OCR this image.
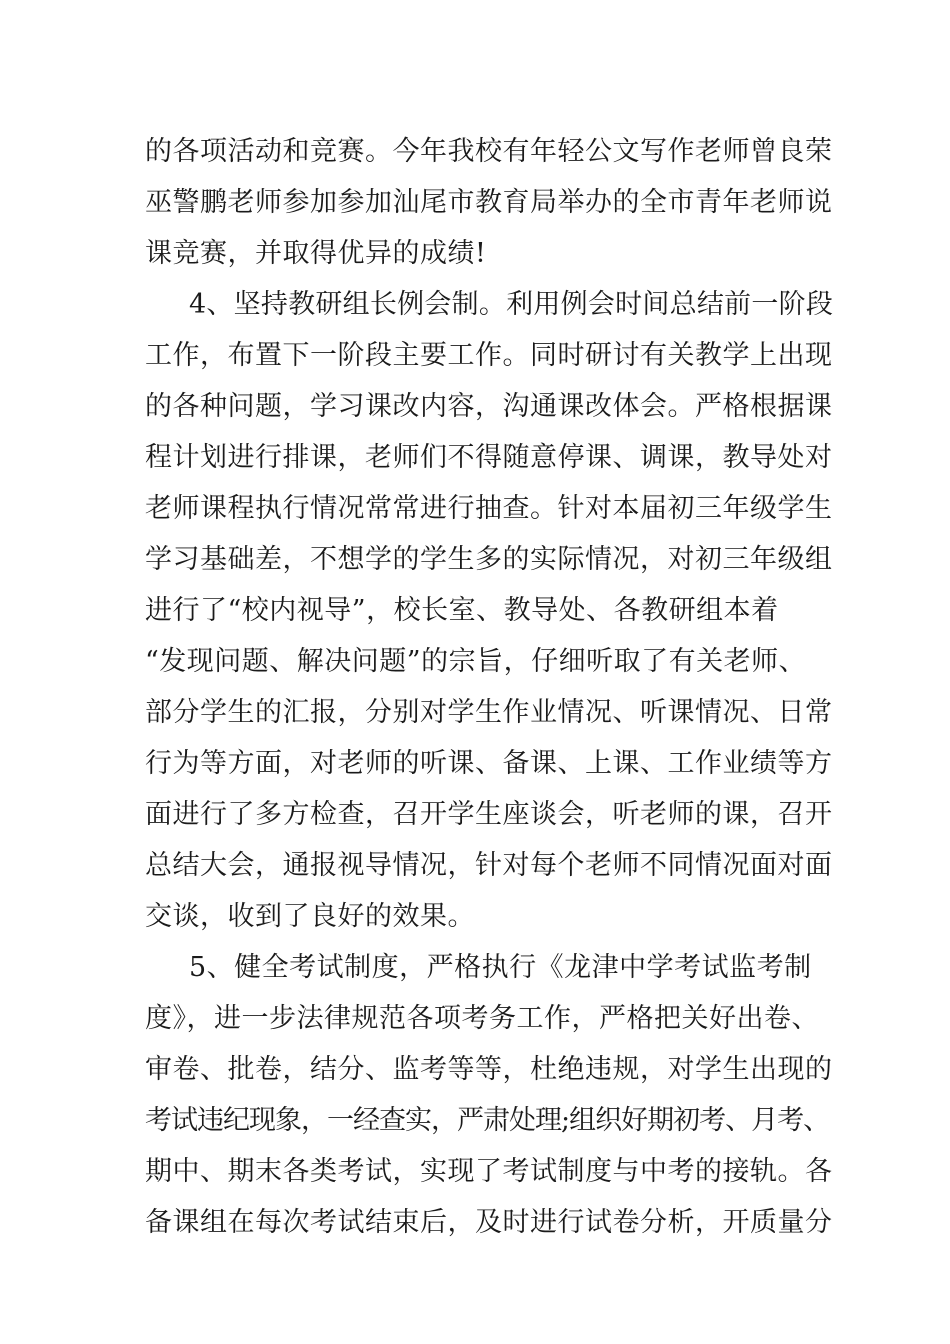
的各项活动和竞赛。今年我校有年轻公文写作老师曾良荣
巫警鹏老师参加参加汕尾市教育局举办的全市青年老师说
课竞赛，并取得优异的成绩!
4、坚持教研组长例会制。利用例会时间总结前一阶段
工作，布置下一阶段主要工作。同时研讨有关教学上出现
的各种问题，学习课改内容，沟通课改体会。严格根据课
程计划进行排课，老师们不得随意停课、调课，教导处对
老师课程执行情况常常进行抽查。针对本届初三年级学生
学习基础差，不想学的学生多的实际情况，对初三年级组
进行了“校内视导”，校长室、教导处、各教研组本着
“发现问题、解决问题”的宗旨，仔细听取了有关老师、
部分学生的汇报，分别对学生作业情况、听课情况、日常
行为等方面，对老师的听课、备课、上课、工作业绩等方
面进行了多方检查，召开学生座谈会，听老师的课，召开
总结大会，通报视导情况，针对每个老师不同情况面对面
交谈，收到了良好的效果。
5、健全考试制度，严格执行《龙津中学考试监考制
度》，进一步法律规范各项考务工作，严格把关好出卷、
审卷、批卷，结分、监考等等，杜绝违规，对学生出现的
考试违纪现象，一经查实，严肃处理;组织好期初考、月考、
期中、期末各类考试，实现了考试制度与中考的接轨。各
备课组在每次考试结束后，及时进行试卷分析，开质量分
